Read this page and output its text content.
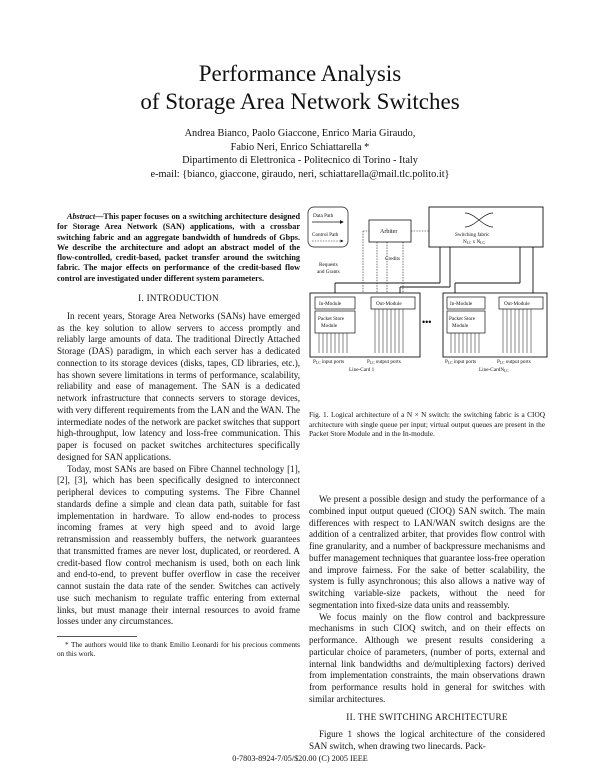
Performance Analysis
of Storage Area Network Switches
Andrea Bianco, Paolo Giaccone, Enrico Maria Giraudo,
Fabio Neri, Enrico Schiattarella *
Dipartimento di Elettronica - Politecnico di Torino - Italy
e-mail: {bianco, giaccone, giraudo, neri, schiattarella@mail.tlc.polito.it}

Abstract—This paper focuses on a switching architecture designed for Storage Area Network (SAN) applications, with a crossbar switching fabric and an aggregate bandwidth of hundreds of Gbps. We describe the architecture and adopt an abstract model of the flow-controlled, credit-based, packet transfer around the switching fabric. The major effects on performance of the credit-based flow control are investigated under different system parameters.

I. INTRODUCTION

In recent years, Storage Area Networks (SANs) have emerged as the key solution to allow servers to access promptly and reliably large amounts of data. The traditional Directly Attached Storage (DAS) paradigm, in which each server has a dedicated connection to its storage devices (disks, tapes, CD libraries, etc.), has shown severe limitations in terms of performance, scalability, reliability and ease of management. The SAN is a dedicated network infrastructure that connects servers to storage devices, with very different requirements from the LAN and the WAN. The intermediate nodes of the network are packet switches that support high-throughput, low latency and loss-free communication. This paper is focused on packet switches architectures specifically designed for SAN applications.

Today, most SANs are based on Fibre Channel technology [1], [2], [3], which has been specifically designed to interconnect peripheral devices to computing systems. The Fibre Channel standards define a simple and clean data path, suitable for fast implementation in hardware. To allow end-nodes to process incoming frames at very high speed and to avoid large retransmission and reassembly buffers, the network guarantees that transmitted frames are never lost, duplicated, or reordered. A credit-based flow control mechanism is used, both on each link and end-to-end, to prevent buffer overflow in case the receiver cannot sustain the data rate of the sender. Switches can actively use such mechanism to regulate traffic entering from external links, but must manage their internal resources to avoid frame losses under any circumstances.

* The authors would like to thank Emilio Leonardi for his precious comments on this work.

Data Path
Control Path	Arbiter	Switching fabric
$N_{LC}$ x $N_{LC}$
Requests
and Grants
Credits
In-Module	Out-Module
Packet Store
Module
$P_{LC}$ input ports	$P_{LC}$ output ports
Line-Card 1
•••
In-Module	Out-Module
Packet Store
Module
$P_{LC}$ input ports	$P_{LC}$ output ports
Line-CardN$_{LC}$
Fig. 1. Logical architecture of a N × N switch: the switching fabric is a CIOQ architecture with single queue per input; virtual output queues are present in the Packet Store Module and in the In-module.

We present a possible design and study the performance of a combined input output queued (CIOQ) SAN switch. The main differences with respect to LAN/WAN switch designs are the addition of a centralized arbiter, that provides flow control with fine granularity, and a number of backpressure mechanisms and buffer management techniques that guarantee loss-free operation and improve fairness. For the sake of better scalability, the system is fully asynchronous; this also allows a native way of switching variable-size packets, without the need for segmentation into fixed-size data units and reassembly.

We focus mainly on the flow control and backpressure mechanisms in such CIOQ switch, and on their effects on performance. Although we present results considering a particular choice of parameters, (number of ports, external and internal link bandwidths and de/multiplexing factors) derived from implementation constraints, the main observations drawn from performance results hold in general for switches with similar architectures.

II. THE SWITCHING ARCHITECTURE

Figure 1 shows the logical architecture of the considered SAN switch, when drawing two linecards. Pack-

0-7803-8924-7/05/$20.00 (C) 2005 IEEE
